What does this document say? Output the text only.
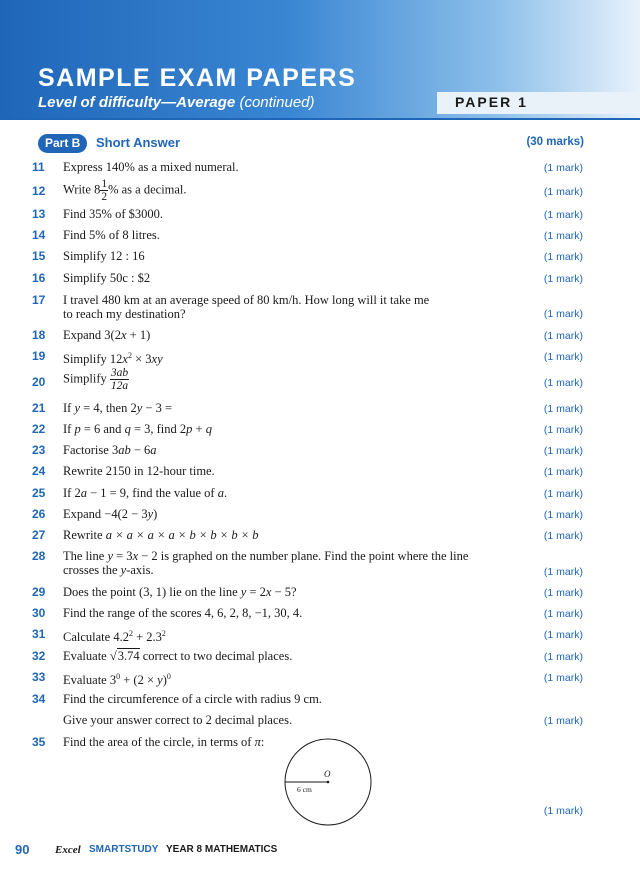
SAMPLE EXAM PAPERS
Level of difficulty—Average (continued)	PAPER 1
Part B	Short Answer	(30 marks)
11	Express 140% as a mixed numeral.	(1 mark)
12	Write $8 \frac{1}{2}$ % as a decimal.	(1 mark)
13	Find 35% of $3000.	(1 mark)
14	Find 5% of 8 litres.	(1 mark)
15	Simplify 12 : 16	(1 mark)
16	Simplify 50c : $2	(1 mark)
17	I travel 480 km at an average speed of 80 km/h. How long will it take me
to reach my destination?	(1 mark)
18	Expand 3(2x + 1)	(1 mark)
19	Simplify $12x^2 \times 3xy$	(1 mark)
20	Simplify $\frac{3ab}{12a}$	(1 mark)
21	If y = 4, then 2y − 3 =	(1 mark)
22	If p = 6 and q = 3, find 2p + q	(1 mark)
23	Factorise 3ab − 6a	(1 mark)
24	Rewrite 2150 in 12-hour time.	(1 mark)
25	If 2a − 1 = 9, find the value of a.	(1 mark)
26	Expand −4(2 − 3y)	(1 mark)
27	Rewrite a × a × a × a × b × b × b × b	(1 mark)
28	The line y = 3x − 2 is graphed on the number plane. Find the point where the line
crosses the y-axis.	(1 mark)
29	Does the point (3, 1) lie on the line y = 2x − 5?	(1 mark)
30	Find the range of the scores 4, 6, 2, 8, −1, 30, 4.	(1 mark)
31	Calculate $4.2^2 + 2.3^2$	(1 mark)
32	Evaluate √3.74 correct to two decimal places.	(1 mark)
33	Evaluate $3^0 + (2 \times y)^0$	(1 mark)
34	Find the circumference of a circle with radius 9 cm.
Give your answer correct to 2 decimal places.	(1 mark)
35	Find the area of the circle, in terms of π:
(1 mark)
O
6 cm
90 Excel SMARTSTUDY YEAR 8 MATHEMATICS
